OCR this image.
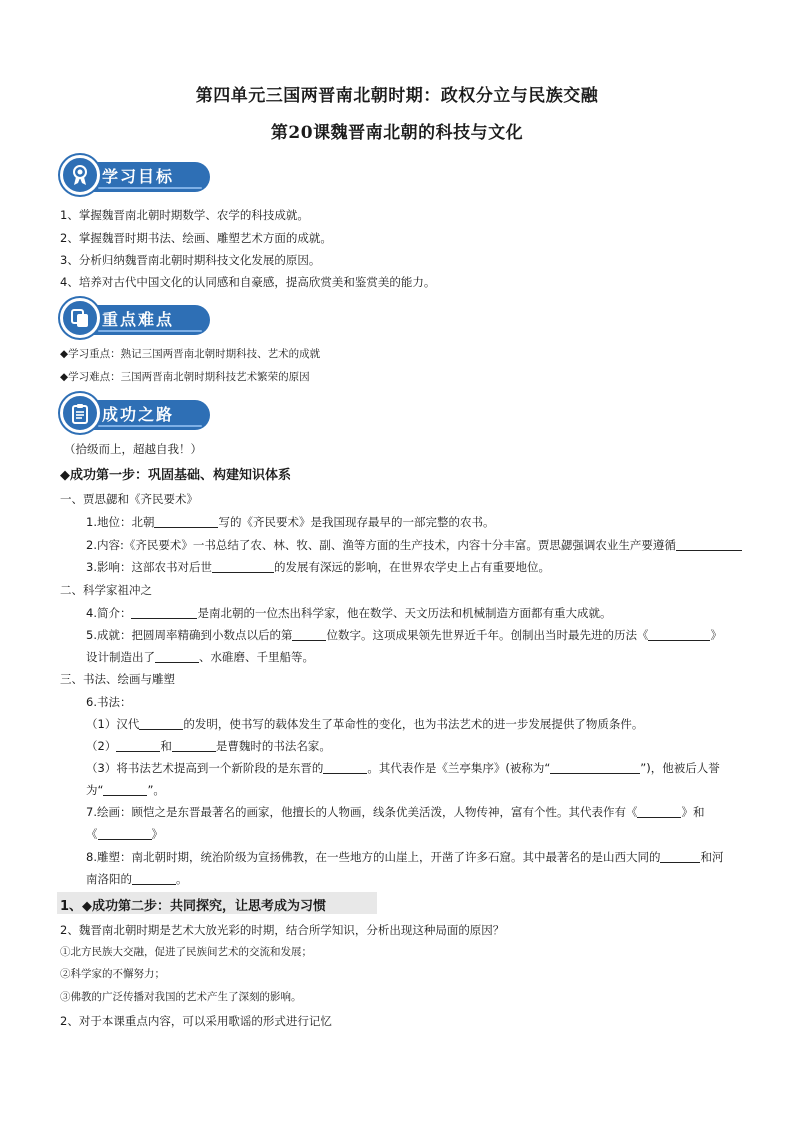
第四单元三国两晋南北朝时期：政权分立与民族交融
第20课魏晋南北朝的科技与文化
学习目标
1、掌握魏晋南北朝时期数学、农学的科技成就。
2、掌握魏晋时期书法、绘画、雕塑艺术方面的成就。
3、分析归纳魏晋南北朝时期科技文化发展的原因。
4、培养对古代中国文化的认同感和自豪感，提高欣赏美和鉴赏美的能力。
重点难点
◆学习重点：熟记三国两晋南北朝时期科技、艺术的成就
◆学习难点：三国两晋南北朝时期科技艺术繁荣的原因
成功之路
（拾级而上，超越自我！）
◆成功第一步：巩固基础、构建知识体系
一、贾思勰和《齐民要术》
1.地位：北朝	写的《齐民要术》是我国现存最早的一部完整的农书。
2.内容:《齐民要术》一书总结了农、林、牧、副、渔等方面的生产技术，内容十分丰富。贾思勰强调农业生产要遵循
3.影响：这部农书对后世	的发展有深远的影响，在世界农学史上占有重要地位。
二、科学家祖冲之
4.简介：	是南北朝的一位杰出科学家，他在数学、天文历法和机械制造方面都有重大成就。
5.成就：把圆周率精确到小数点以后的第	位数字。这项成果领先世界近千年。创制出当时最先进的历法《	》
设计制造出了	、水碓磨、千里船等。
三、书法、绘画与雕塑
6.书法：
（1）汉代	的发明，使书写的载体发生了革命性的变化，也为书法艺术的进一步发展提供了物质条件。
（2）	和	是曹魏时的书法名家。
（3）将书法艺术提高到一个新阶段的是东晋的	。其代表作是《兰亭集序》(被称为“	”)，他被后人誉
为“	”。
7.绘画：顾恺之是东晋最著名的画家，他擅长的人物画，线条优美活泼，人物传神，富有个性。其代表作有《	》和
《	》
8.雕塑：南北朝时期，统治阶级为宣扬佛教，在一些地方的山崖上，开凿了许多石窟。其中最著名的是山西大同的	和河
南洛阳的	。
1、◆成功第二步：共同探究，让思考成为习惯
2、魏晋南北朝时期是艺术大放光彩的时期，结合所学知识，分析出现这种局面的原因？
①北方民族大交融，促进了民族间艺术的交流和发展；
②科学家的不懈努力；
③佛教的广泛传播对我国的艺术产生了深刻的影响。
2、对于本课重点内容，可以采用歌谣的形式进行记忆
